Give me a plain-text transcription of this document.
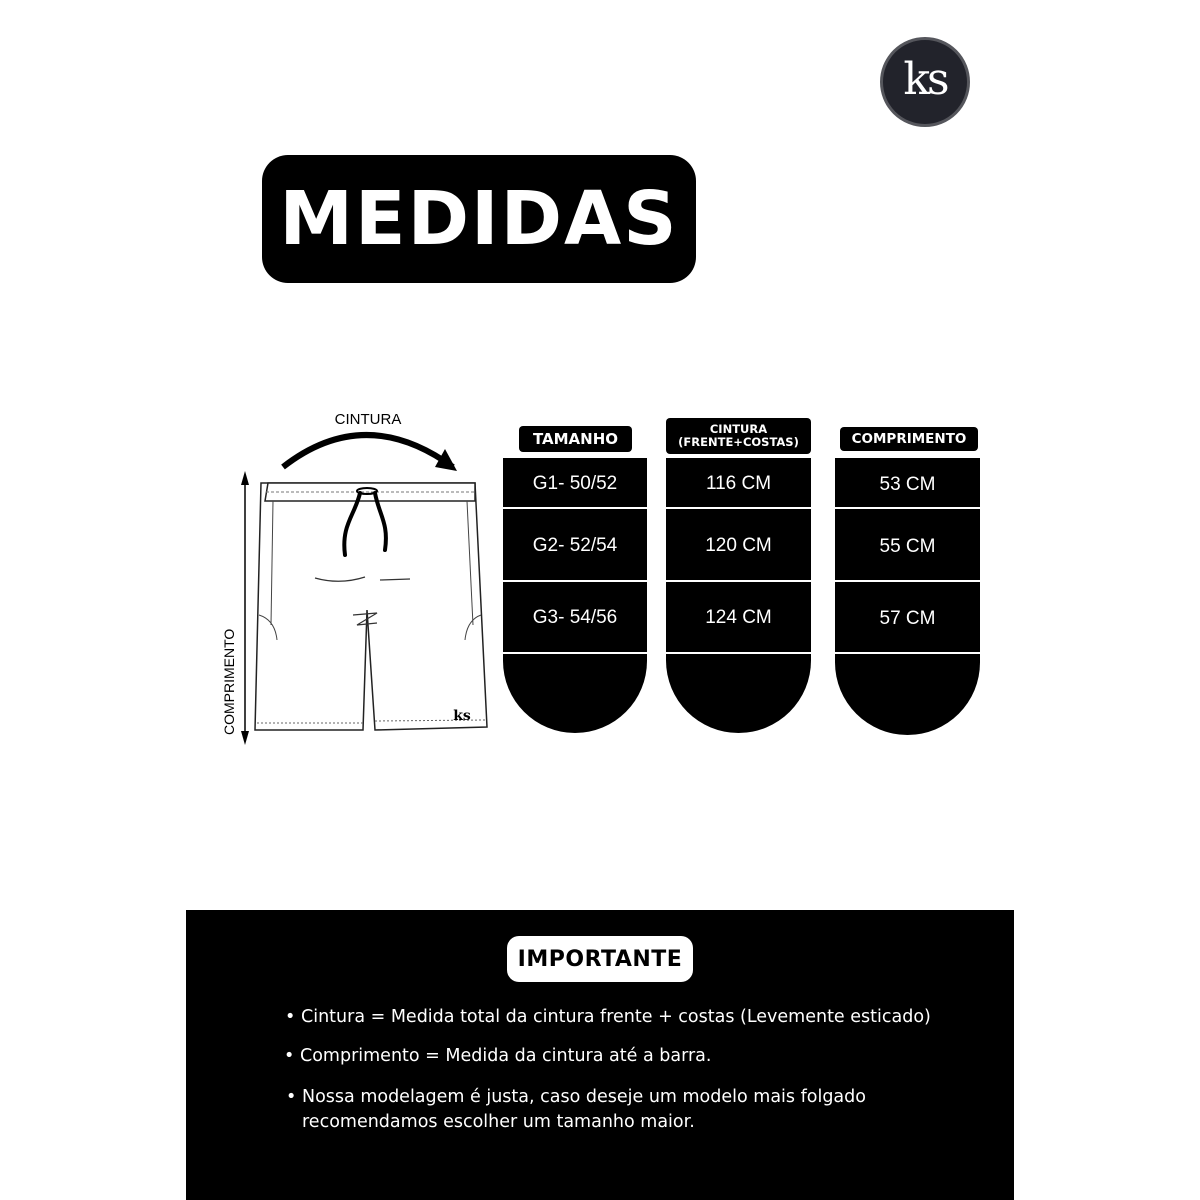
ks
MEDIDAS
CINTURA
COMPRIMENTO	ks
TAMANHO
G1- 50/52
G2- 52/54
G3- 54/56
CINTURA
(FRENTE+COSTAS)
116 CM
120 CM
124 CM
COMPRIMENTO
53 CM
55 CM
57 CM
IMPORTANTE
• Cintura = Medida total da cintura frente + costas (Levemente esticado)
• Comprimento = Medida da cintura até a barra.
• Nossa modelagem é justa, caso deseje um modelo mais folgado recomendamos escolher um tamanho maior.
